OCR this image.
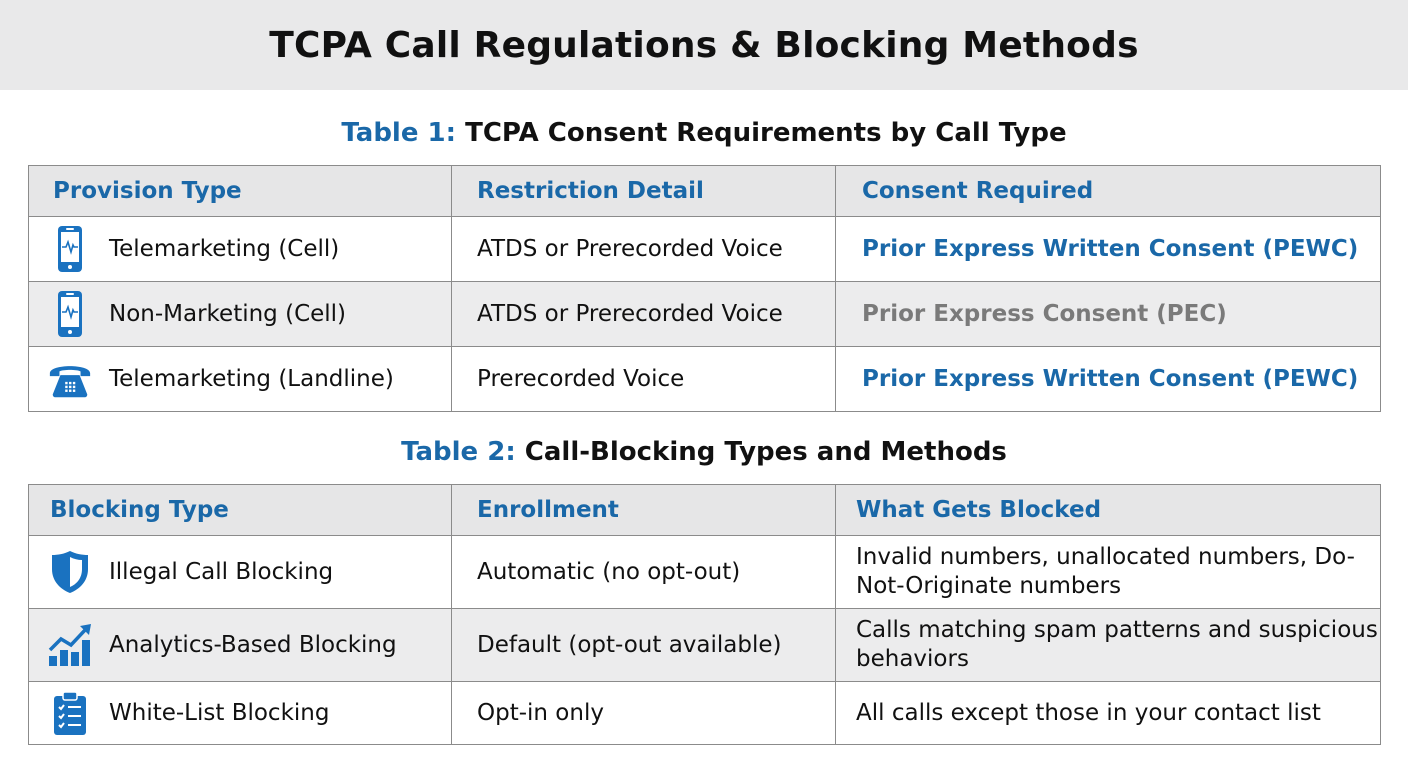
TCPA Call Regulations & Blocking Methods
Table 1: TCPA Consent Requirements by Call Type
Provision Type	Restriction Detail	Consent Required

Telemarketing (Cell)	ATDS or Prerecorded Voice	Prior Express Written Consent (PEWC)

Non-Marketing (Cell)	ATDS or Prerecorded Voice	Prior Express Consent (PEC)

Telemarketing (Landline)	Prerecorded Voice	Prior Express Written Consent (PEWC)
Table 2: Call-Blocking Types and Methods
Blocking Type	Enrollment	What Gets Blocked

Illegal Call Blocking	Automatic (no opt-out)	Invalid numbers, unallocated numbers, Do-Not-Originate numbers

Analytics-Based Blocking	Default (opt-out available)	Calls matching spam patterns and suspicious behaviors

White-List Blocking	Opt-in only	All calls except those in your contact list
